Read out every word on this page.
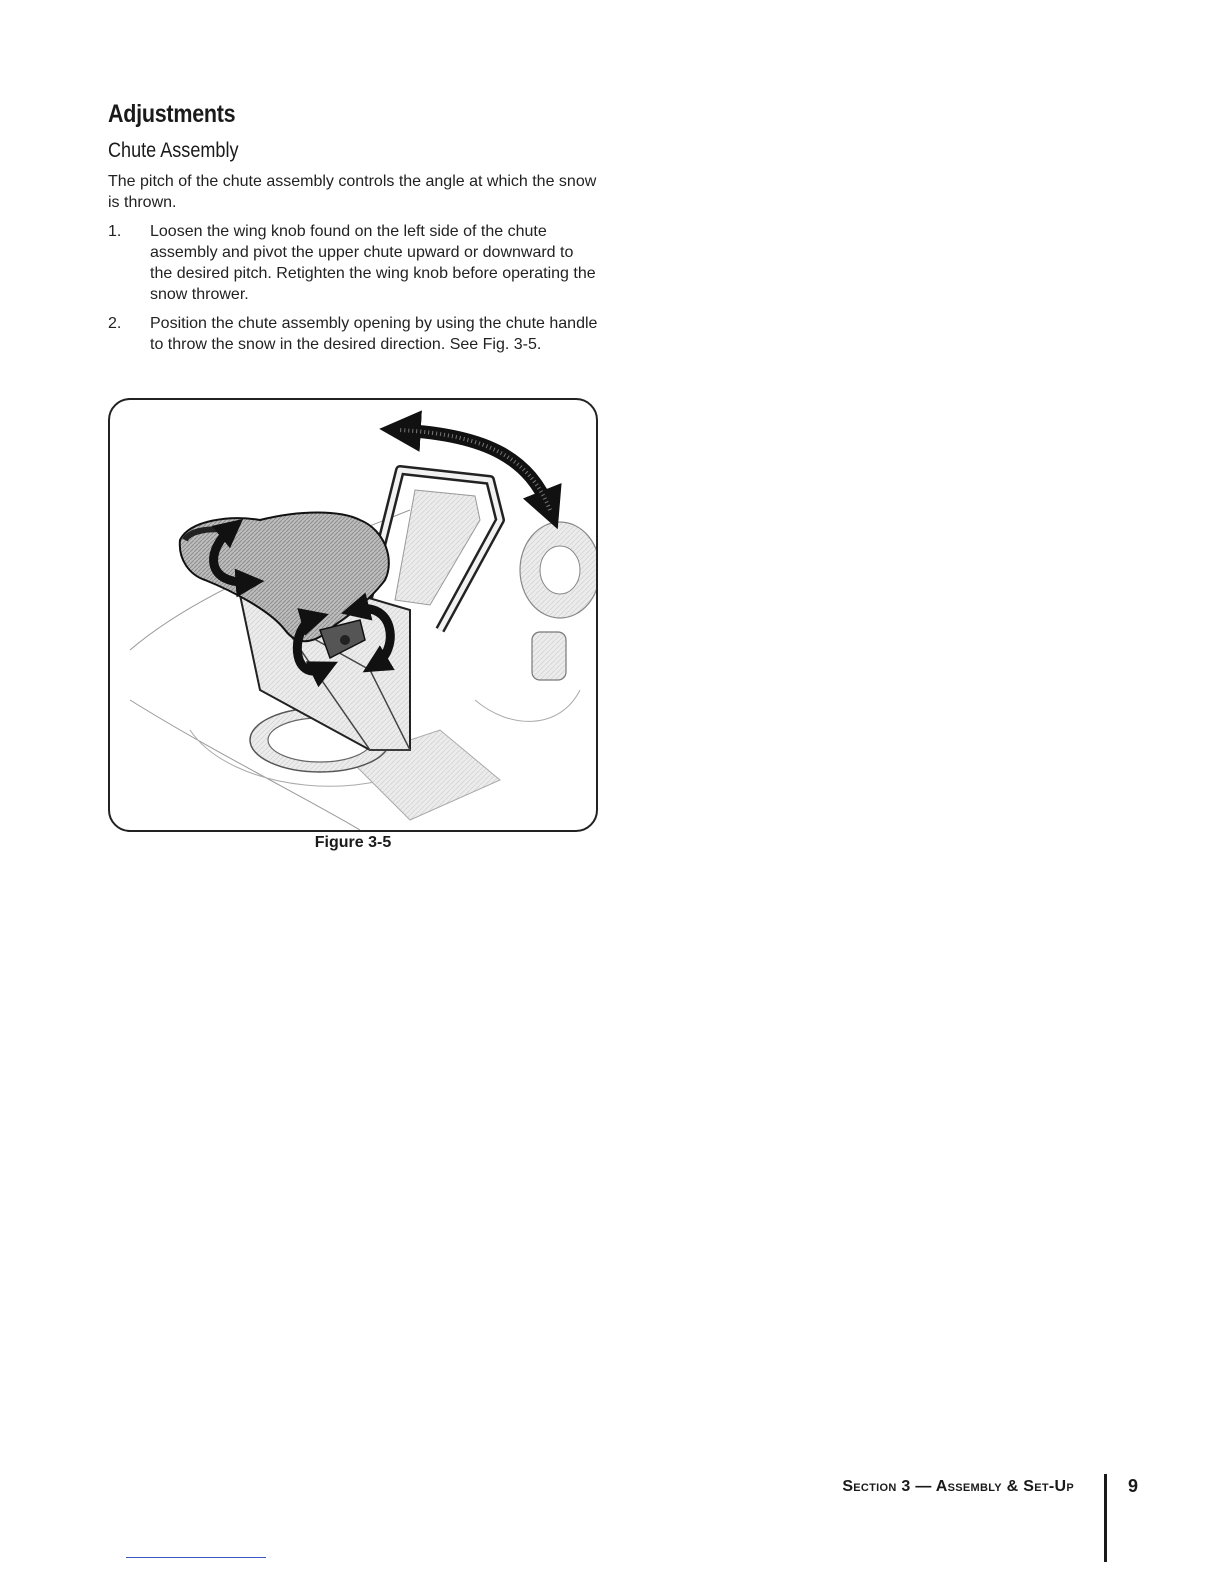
Adjustments
Chute Assembly

The pitch of the chute assembly controls the angle at which the snow is thrown.

1.	Loosen the wing knob found on the left side of the chute assembly and pivot the upper chute upward or downward to the desired pitch. Retighten the wing knob before operating the snow thrower.
2.	Position the chute assembly opening by using the chute handle to throw the snow in the desired direction. See Fig. 3-5.
Figure 3-5
Section 3 — Assembly & Set-Up	9
